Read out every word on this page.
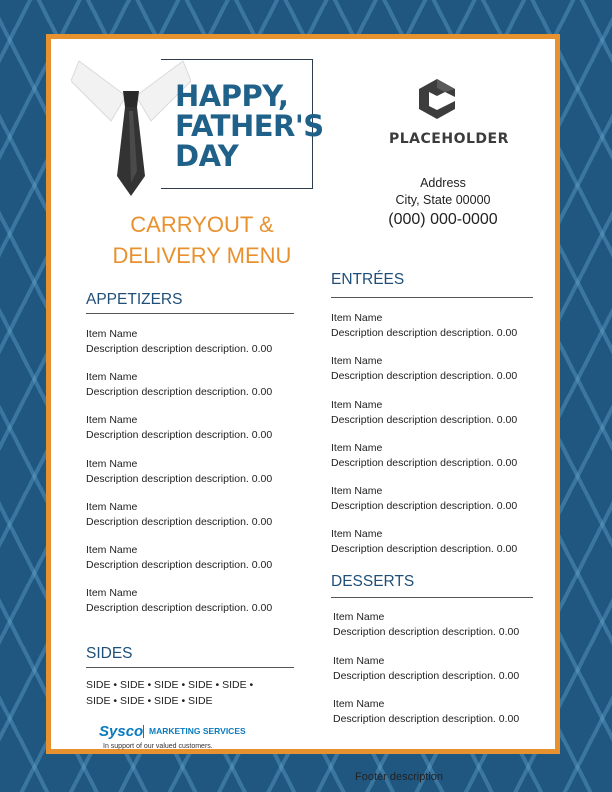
HAPPY,
FATHER'S
DAY	PLACEHOLDER
Address
City, State 00000
(000) 000-0000
CARRYOUT &
DELIVERY MENU
APPETIZERS
Item Name
Description description description. 0.00
Item Name
Description description description. 0.00
Item Name
Description description description. 0.00
Item Name
Description description description. 0.00
Item Name
Description description description. 0.00
Item Name
Description description description. 0.00
Item Name
Description description description. 0.00
SIDES
SIDE • SIDE • SIDE • SIDE • SIDE •
SIDE • SIDE • SIDE • SIDE
Sysco MARKETING SERVICES
In support of our valued customers.
ENTRÉES
Item Name
Description description description. 0.00
Item Name
Description description description. 0.00
Item Name
Description description description. 0.00
Item Name
Description description description. 0.00
Item Name
Description description description. 0.00
Item Name
Description description description. 0.00
DESSERTS
Item Name
Description description description. 0.00
Item Name
Description description description. 0.00
Item Name
Description description description. 0.00
Footer description
